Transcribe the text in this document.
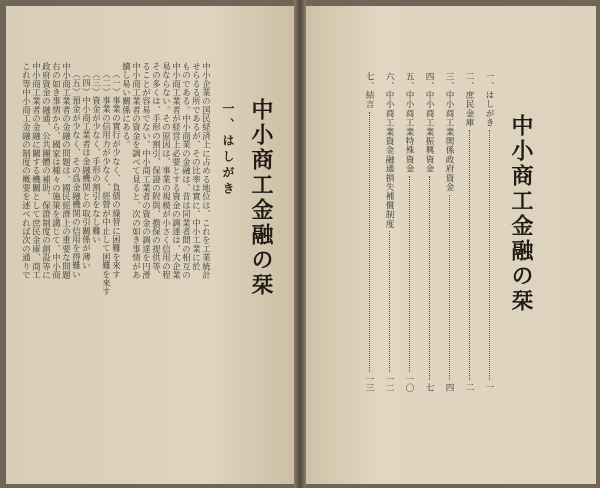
中小商工金融の栞
一、はしがき
中小企業の国民経済上に占める地位は、これを工業統計
せらるる所であるが、その比率は實に、中小工業に於
ものである。中小商業の金融は、昔は同業者間の相互の
中小商工業者が経営上必要とする資金の調達は、大企業
易ならない。その原因は、事業の規模が小さく信用の程
その多くは、手形の割引、保證の附與、擔保の提供等、
ることが容易でない。中小商工業者の資金の調達を円滑
中小商工業者の資金を調べて見ると、次の如き事情があ
續し易い關係にある。
（一）事業の實行が少なく、負債の繰替に困難を來す
（二）事業の信用力が少なく、經營が中止して困難を來す
（三）資金が少なく、手形の割引をなし難い
（四）中小商工業者は金融機関との取引關係が薄い
（五）預金が少なく、その爲金融機関の信用を得難い
中小商工業者の金融の問題は、國民經濟上の重要な問題
右の如き事情から、國家は種々の施策を講じて、中小商
政府資金の融通、公共團體の補助、保證制度の創設等に
中小商工業者の金融に關する機關として庶民金庫、商工
これ等中小商工金融の制度の概要を述べれば次の通りで	中小商工金融の栞
一、はしがき
一
二、庶民金庫
二
三、中小商工業関係政府資金
四
四、中小商工業振興資金
七
五、中小商工業特殊資金
一〇
六、中小商工業資金融通損失補償制度
一二
七、結言
一三
